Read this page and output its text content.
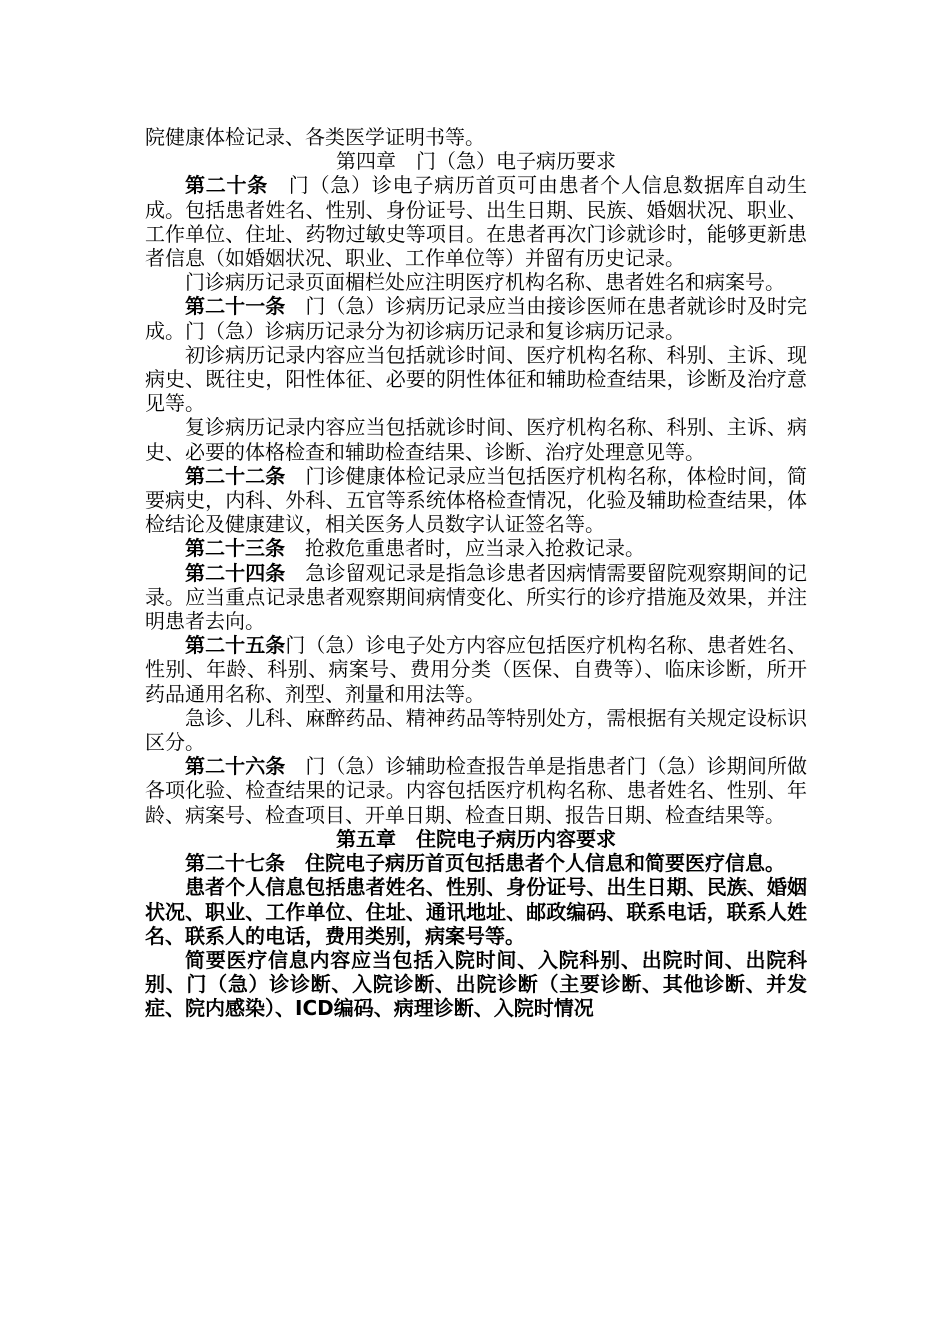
院健康体检记录、各类医学证明书等。

第四章　门（急）电子病历要求

第二十条　门（急）诊电子病历首页可由患者个人信息数据库自动生成。包括患者姓名、性别、身份证号、出生日期、民族、婚姻状况、职业、工作单位、住址、药物过敏史等项目。在患者再次门诊就诊时，能够更新患者信息（如婚姻状况、职业、工作单位等）并留有历史记录。

门诊病历记录页面楣栏处应注明医疗机构名称、患者姓名和病案号。

第二十一条　门（急）诊病历记录应当由接诊医师在患者就诊时及时完成。门（急）诊病历记录分为初诊病历记录和复诊病历记录。

初诊病历记录内容应当包括就诊时间、医疗机构名称、科别、主诉、现病史、既往史，阳性体征、必要的阴性体征和辅助检查结果，诊断及治疗意见等。

复诊病历记录内容应当包括就诊时间、医疗机构名称、科别、主诉、病史、必要的体格检查和辅助检查结果、诊断、治疗处理意见等。

第二十二条　门诊健康体检记录应当包括医疗机构名称，体检时间，简要病史，内科、外科、五官等系统体格检查情况，化验及辅助检查结果，体检结论及健康建议，相关医务人员数字认证签名等。

第二十三条　抢救危重患者时，应当录入抢救记录。

第二十四条　急诊留观记录是指急诊患者因病情需要留院观察期间的记录。应当重点记录患者观察期间病情变化、所实行的诊疗措施及效果，并注明患者去向。

第二十五条门（急）诊电子处方内容应包括医疗机构名称、患者姓名、性别、年龄、科别、病案号、费用分类（医保、自费等）、临床诊断，所开药品通用名称、剂型、剂量和用法等。

急诊、儿科、麻醉药品、精神药品等特别处方，需根据有关规定设标识区分。

第二十六条　门（急）诊辅助检查报告单是指患者门（急）诊期间所做各项化验、检查结果的记录。内容包括医疗机构名称、患者姓名、性别、年龄、病案号、检查项目、开单日期、检查日期、报告日期、检查结果等。

第五章　住院电子病历内容要求

第二十七条　住院电子病历首页包括患者个人信息和简要医疗信息。

患者个人信息包括患者姓名、性别、身份证号、出生日期、民族、婚姻状况、职业、工作单位、住址、通讯地址、邮政编码、联系电话，联系人姓名、联系人的电话，费用类别，病案号等。

简要医疗信息内容应当包括入院时间、入院科别、出院时间、出院科别、门（急）诊诊断、入院诊断、出院诊断（主要诊断、其他诊断、并发症、院内感染）、ICD编码、病理诊断、入院时情况
